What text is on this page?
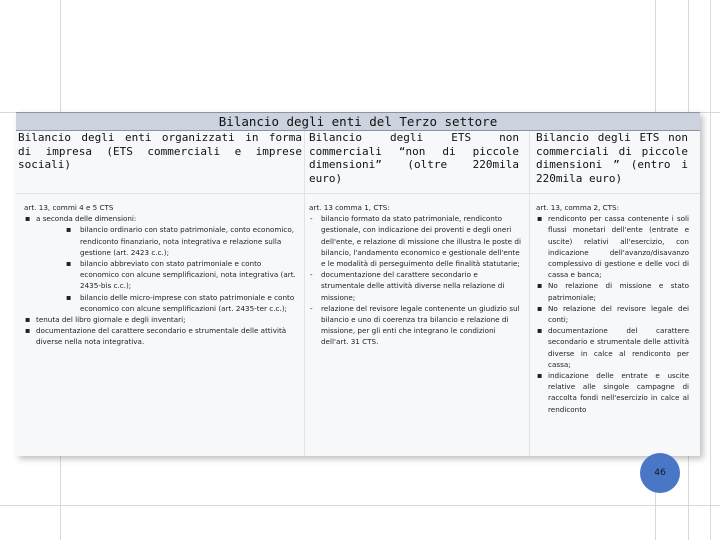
Bilancio degli enti del Terzo settore
Bilancio degli enti organizzati in forma di impresa (ETS commerciali e imprese sociali)
Bilancio degli ETS non commerciali “non di piccole dimensioni” (oltre 220mila euro)
Bilancio degli ETS non commerciali di piccole dimensioni ” (entro i 220mila euro)
art. 13, commi 4 e 5 CTS
▪ a seconda delle dimensioni:
▪ bilancio ordinario con stato patrimoniale, conto economico, rendiconto finanziario, nota integrativa e relazione sulla gestione (art. 2423 c.c.);
▪ bilancio abbreviato con stato patrimoniale e conto economico con alcune semplificazioni, nota integrativa (art. 2435-bis c.c.);
▪ bilancio delle micro-imprese con stato patrimoniale e conto economico con alcune semplificazioni (art. 2435-ter c.c.);
▪ tenuta del libro giornale e degli inventari;
▪ documentazione del carattere secondario e strumentale delle attività diverse nella nota integrativa.
art. 13 comma 1, CTS:
- bilancio formato da stato patrimoniale, rendiconto gestionale, con indicazione dei proventi e degli oneri dell'ente, e relazione di missione che illustra le poste di bilancio, l'andamento economico e gestionale dell'ente e le modalità di perseguimento delle finalità statutarie;
- documentazione del carattere secondario e strumentale delle attività diverse nella relazione di missione;
- relazione del revisore legale contenente un giudizio sul bilancio e uno di coerenza tra bilancio e relazione di missione, per gli enti che integrano le condizioni dell'art. 31 CTS.
art. 13, comma 2, CTS:
▪ rendiconto per cassa contenente i soli flussi monetari dell'ente (entrate e uscite) relativi all'esercizio, con indicazione dell'avanzo/disavanzo complessivo di gestione e delle voci di cassa e banca;
▪ No relazione di missione e stato patrimoniale;
▪ No relazione del revisore legale dei conti;
▪ documentazione del carattere secondario e strumentale delle attività diverse in calce al rendiconto per cassa;
▪ indicazione delle entrate e uscite relative alle singole campagne di raccolta fondi nell'esercizio in calce al rendiconto
46
